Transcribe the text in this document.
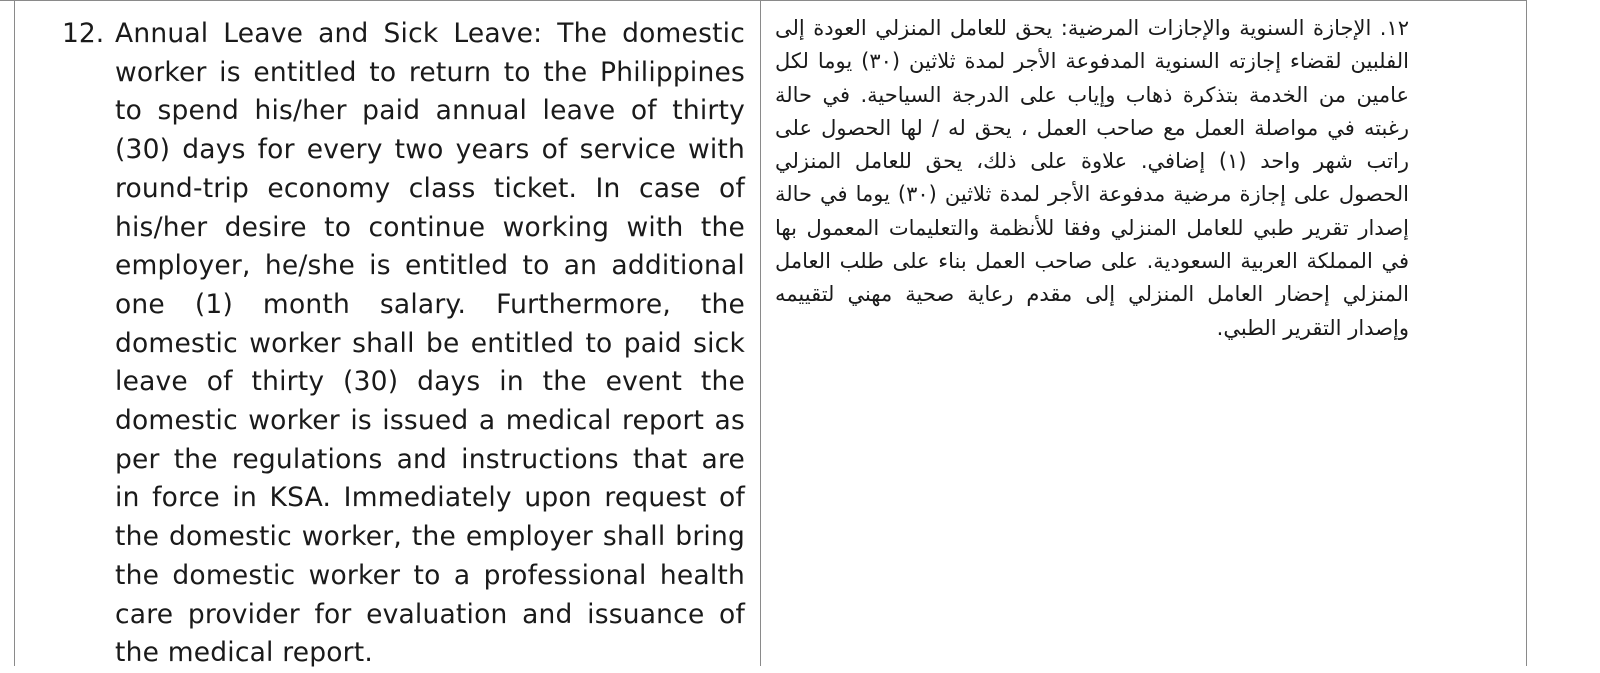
12. Annual Leave and Sick Leave: The domestic worker is entitled to return to the Philippines to spend his/her paid annual leave of thirty (30) days for every two years of service with round-trip economy class ticket. In case of his/her desire to continue working with the employer, he/she is entitled to an additional one (1) month salary. Furthermore, the domestic worker shall be entitled to paid sick leave of thirty (30) days in the event the domestic worker is issued a medical report as per the regulations and instructions that are in force in KSA. Immediately upon request of the domestic worker, the employer shall bring the domestic worker to a professional health care provider for evaluation and issuance of the medical report.
١٢. الإجازة السنوية والإجازات المرضية: يحق للعامل المنزلي العودة إلى الفلبين لقضاء إجازته السنوية المدفوعة الأجر لمدة ثلاثين (٣٠) يوما لكل عامين من الخدمة بتذكرة ذهاب وإياب على الدرجة السياحية. في حالة رغبته في مواصلة العمل مع صاحب العمل ، يحق له / لها الحصول على راتب شهر واحد (١) إضافي. علاوة على ذلك، يحق للعامل المنزلي الحصول على إجازة مرضية مدفوعة الأجر لمدة ثلاثين (٣٠) يوما في حالة إصدار تقرير طبي للعامل المنزلي وفقا للأنظمة والتعليمات المعمول بها في المملكة العربية السعودية. على صاحب العمل بناء على طلب العامل المنزلي إحضار العامل المنزلي إلى مقدم رعاية صحية مهني لتقييمه وإصدار التقرير الطبي.
